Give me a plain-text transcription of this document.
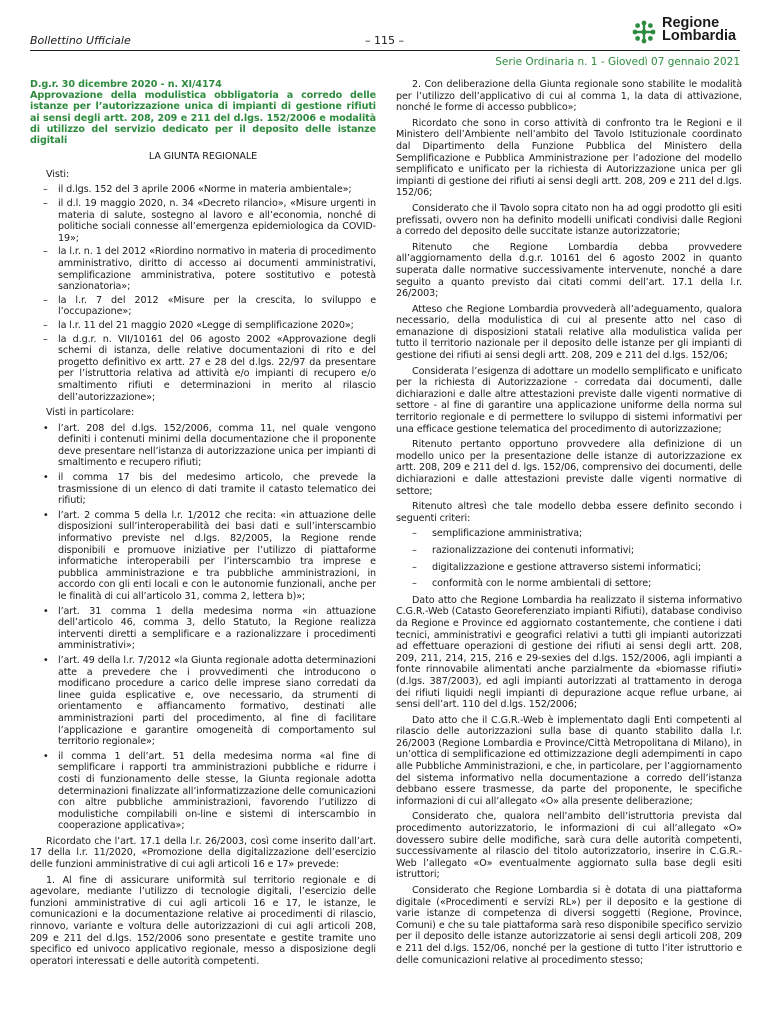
Bollettino Ufficiale	– 115 –
Regione
Lombardia
Serie Ordinaria n. 1 - Giovedì 07 gennaio 2021

D.g.r. 30 dicembre 2020 - n. XI/4174
Approvazione della modulistica obbligatoria a corredo delle istanze per l’autorizzazione unica di impianti di gestione rifiuti ai sensi degli artt. 208, 209 e 211 del d.lgs. 152/2006 e modalità di utilizzo del servizio dedicato per il deposito delle istanze digitali

LA GIUNTA REGIONALE

Visti:

– il d.lgs. 152 del 3 aprile 2006 «Norme in materia ambientale»;
– il d.l. 19 maggio 2020, n. 34 «Decreto rilancio», «Misure urgenti in materia di salute, sostegno al lavoro e all’economia, nonché di politiche sociali connesse all’emergenza epidemiologica da COVID-19»;
– la l.r. n. 1 del 2012 «Riordino normativo in materia di procedimento amministrativo, diritto di accesso ai documenti amministrativi, semplificazione amministrativa, potere sostitutivo e potestà sanzionatoria»;
– la l.r. 7 del 2012 «Misure per la crescita, lo sviluppo e l’occupazione»;
– la l.r. 11 del 21 maggio 2020 «Legge di semplificazione 2020»;
– la d.g.r. n. VII/10161 del 06 agosto 2002 «Approvazione degli schemi di istanza, delle relative documentazioni di rito e del progetto definitivo ex artt. 27 e 28 del d.lgs. 22/97 da presentare per l’istruttoria relativa ad attività e/o impianti di recupero e/o smaltimento rifiuti e determinazioni in merito al rilascio dell’autorizzazione»;

Visti in particolare:

• l’art. 208 del d.lgs. 152/2006, comma 11, nel quale vengono definiti i contenuti minimi della documentazione che il proponente deve presentare nell’istanza di autorizzazione unica per impianti di smaltimento e recupero rifiuti;
• il comma 17 bis del medesimo articolo, che prevede la trasmissione di un elenco di dati tramite il catasto telematico dei rifiuti;
• l’art. 2 comma 5 della l.r. 1/2012 che recita: «in attuazione delle disposizioni sull’interoperabilità dei basi dati e sull’interscambio informativo previste nel d.lgs. 82/2005, la Regione rende disponibili e promuove iniziative per l’utilizzo di piattaforme informatiche interoperabili per l’interscambio tra imprese e pubblica amministrazione e tra pubbliche amministrazioni, in accordo con gli enti locali e con le autonomie funzionali, anche per le finalità di cui all’articolo 31, comma 2, lettera b)»;
• l’art. 31 comma 1 della medesima norma «in attuazione dell’articolo 46, comma 3, dello Statuto, la Regione realizza interventi diretti a semplificare e a razionalizzare i procedimenti amministrativi»;
• l’art. 49 della l.r. 7/2012 «la Giunta regionale adotta determinazioni atte a prevedere che i provvedimenti che introducono o modificano procedure a carico delle imprese siano corredati da linee guida esplicative e, ove necessario, da strumenti di orientamento e affiancamento formativo, destinati alle amministrazioni parti del procedimento, al fine di facilitare l’applicazione e garantire omogeneità di comportamento sul territorio regionale»;
• il comma 1 dell’art. 51 della medesima norma «al fine di semplificare i rapporti tra amministrazioni pubbliche e ridurre i costi di funzionamento delle stesse, la Giunta regionale adotta determinazioni finalizzate all’informatizzazione delle comunicazioni con altre pubbliche amministrazioni, favorendo l’utilizzo di modulistiche compilabili on-line e sistemi di interscambio in cooperazione applicativa»;

Ricordato che l’art. 17.1 della l.r. 26/2003, così come inserito dall’art. 17 della l.r. 11/2020, «Promozione della digitalizzazione dell’esercizio delle funzioni amministrative di cui agli articoli 16 e 17» prevede:

1. Al fine di assicurare uniformità sul territorio regionale e di agevolare, mediante l’utilizzo di tecnologie digitali, l’esercizio delle funzioni amministrative di cui agli articoli 16 e 17, le istanze, le comunicazioni e la documentazione relative ai procedimenti di rilascio, rinnovo, variante e voltura delle autorizzazioni di cui agli articoli 208, 209 e 211 del d.lgs. 152/2006 sono presentate e gestite tramite uno specifico ed univoco applicativo regionale, messo a disposizione degli operatori interessati e delle autorità competenti.

2. Con deliberazione della Giunta regionale sono stabilite le modalità per l’utilizzo dell’applicativo di cui al comma 1, la data di attivazione, nonché le forme di accesso pubblico»;

Ricordato che sono in corso attività di confronto tra le Regioni e il Ministero dell’Ambiente nell’ambito del Tavolo Istituzionale coordinato dal Dipartimento della Funzione Pubblica del Ministero della Semplificazione e Pubblica Amministrazione per l’adozione del modello semplificato e unificato per la richiesta di Autorizzazione unica per gli impianti di gestione dei rifiuti ai sensi degli artt. 208, 209 e 211 del d.lgs. 152/06;

Considerato che il Tavolo sopra citato non ha ad oggi prodotto gli esiti prefissati, ovvero non ha definito modelli unificati condivisi dalle Regioni a corredo del deposito delle succitate istanze autorizzatorie;

Ritenuto che Regione Lombardia debba provvedere all’aggiornamento della d.g.r. 10161 del 6 agosto 2002 in quanto superata dalle normative successivamente intervenute, nonché a dare seguito a quanto previsto dai citati commi dell’art. 17.1 della l.r. 26/2003;

Atteso che Regione Lombardia provvederà all’adeguamento, qualora necessario, della modulistica di cui al presente atto nel caso di emanazione di disposizioni statali relative alla modulistica valida per tutto il territorio nazionale per il deposito delle istanze per gli impianti di gestione dei rifiuti ai sensi degli artt. 208, 209 e 211 del d.lgs. 152/06;

Considerata l’esigenza di adottare un modello semplificato e unificato per la richiesta di Autorizzazione - corredata dai documenti, dalle dichiarazioni e dalle altre attestazioni previste dalle vigenti normative di settore - al fine di garantire una applicazione uniforme della norma sul territorio regionale e di permettere lo sviluppo di sistemi informativi per una efficace gestione telematica del procedimento di autorizzazione;

Ritenuto pertanto opportuno provvedere alla definizione di un modello unico per la presentazione delle istanze di autorizzazione ex artt. 208, 209 e 211 del d. lgs. 152/06, comprensivo dei documenti, delle dichiarazioni e dalle attestazioni previste dalle vigenti normative di settore;

Ritenuto altresì che tale modello debba essere definito secondo i seguenti criteri:

– semplificazione amministrativa;
– razionalizzazione dei contenuti informativi;
– digitalizzazione e gestione attraverso sistemi informatici;
– conformità con le norme ambientali di settore;

Dato atto che Regione Lombardia ha realizzato il sistema informativo C.G.R.-Web (Catasto Georeferenziato impianti Rifiuti), database condiviso da Regione e Province ed aggiornato costantemente, che contiene i dati tecnici, amministrativi e geografici relativi a tutti gli impianti autorizzati ad effettuare operazioni di gestione dei rifiuti ai sensi degli artt. 208, 209, 211, 214, 215, 216 e 29-sexies del d.lgs. 152/2006, agli impianti a fonte rinnovabile alimentati anche parzialmente da «biomasse rifiuti» (d.lgs. 387/2003), ed agli impianti autorizzati al trattamento in deroga dei rifiuti liquidi negli impianti di depurazione acque reflue urbane, ai sensi dell’art. 110 del d.lgs. 152/2006;

Dato atto che il C.G.R.-Web è implementato dagli Enti competenti al rilascio delle autorizzazioni sulla base di quanto stabilito dalla l.r. 26/2003 (Regione Lombardia e Province/Città Metropolitana di Milano), in un’ottica di semplificazione ed ottimizzazione degli adempimenti in capo alle Pubbliche Amministrazioni, e che, in particolare, per l’aggiornamento del sistema informativo nella documentazione a corredo dell’istanza debbano essere trasmesse, da parte del proponente, le specifiche informazioni di cui all’allegato «O» alla presente deliberazione;

Considerato che, qualora nell’ambito dell’istruttoria prevista dal procedimento autorizzatorio, le informazioni di cui all’allegato «O» dovessero subire delle modifiche, sarà cura delle autorità competenti, successivamente al rilascio del titolo autorizzatorio, inserire in C.G.R.-Web l’allegato «O» eventualmente aggiornato sulla base degli esiti istruttori;

Considerato che Regione Lombardia si è dotata di una piattaforma digitale («Procedimenti e servizi RL») per il deposito e la gestione di varie istanze di competenza di diversi soggetti (Regione, Province, Comuni) e che su tale piattaforma sarà reso disponibile specifico servizio per il deposito delle istanze autorizzatorie ai sensi degli articoli 208, 209 e 211 del d.lgs. 152/06, nonché per la gestione di tutto l’iter istruttorio e delle comunicazioni relative al procedimento stesso;
